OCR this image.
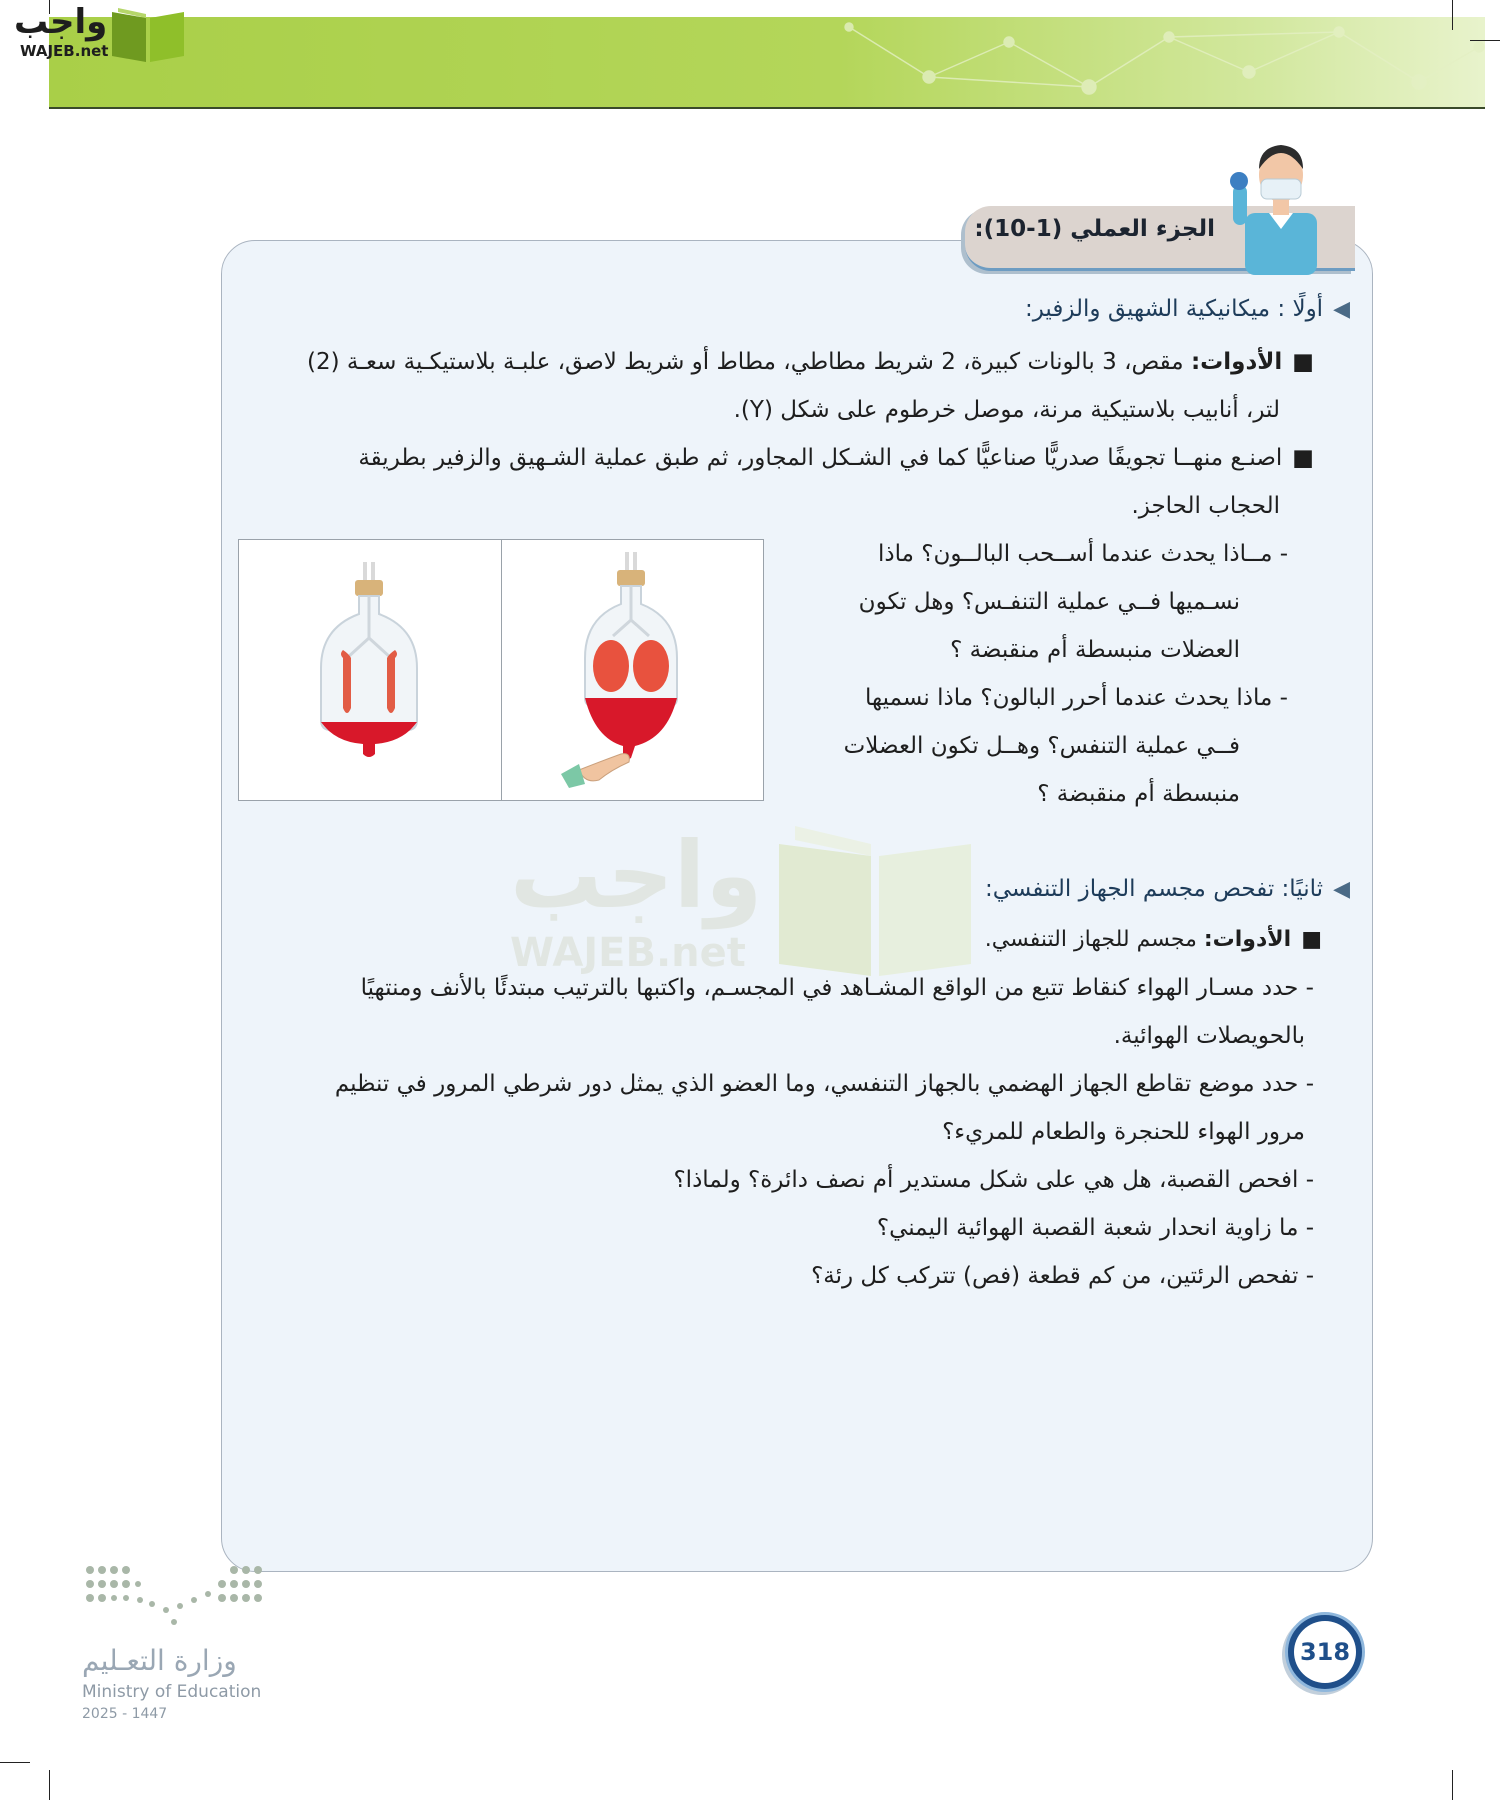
واجب
WAJEB.net
الجزء العملي (1-10):
◀أولًا : ميكانيكية الشهيق والزفير:
■الأدوات: مقص، 3 بالونات كبيرة، 2 شريط مطاطي، مطاط أو شريط لاصق، علبـة بلاستيكـية سعـة (2)
لتر، أنابيب بلاستيكية مرنة، موصل خرطوم على شكل (Y).
■اصنـع منهــا تجويفًا صدريًّا صناعيًّا كما في الشـكل المجاور، ثم طبق عملية الشـهيق والزفير بطريقة
الحجاب الحاجز.
- مــاذا يحدث عندما أســحب البالــون؟ ماذا
نسـميها فــي عملية التنفـس؟ وهل تكون
العضلات منبسطة أم منقبضة ؟
- ماذا يحدث عندما أحرر البالون؟ ماذا نسميها
فــي عملية التنفس؟ وهــل تكون العضلات
منبسطة أم منقبضة ؟
واجب
WAJEB.net
◀ثانيًا: تفحص مجسم الجهاز التنفسي:
■الأدوات: مجسم للجهاز التنفسي.
- حدد مسـار الهواء كنقاط تتبع من الواقع المشـاهد في المجسـم، واكتبها بالترتيب مبتدئًا بالأنف ومنتهيًا
بالحويصلات الهوائية.
- حدد موضع تقاطع الجهاز الهضمي بالجهاز التنفسي، وما العضو الذي يمثل دور شرطي المرور في تنظيم
مرور الهواء للحنجرة والطعام للمريء؟
- افحص القصبة، هل هي على شكل مستدير أم نصف دائرة؟ ولماذا؟
- ما زاوية انحدار شعبة القصبة الهوائية اليمني؟
- تفحص الرئتين، من كم قطعة (فص) تتركب كل رئة؟
وزارة التعـليم
Ministry of Education
2025 - 1447
318
